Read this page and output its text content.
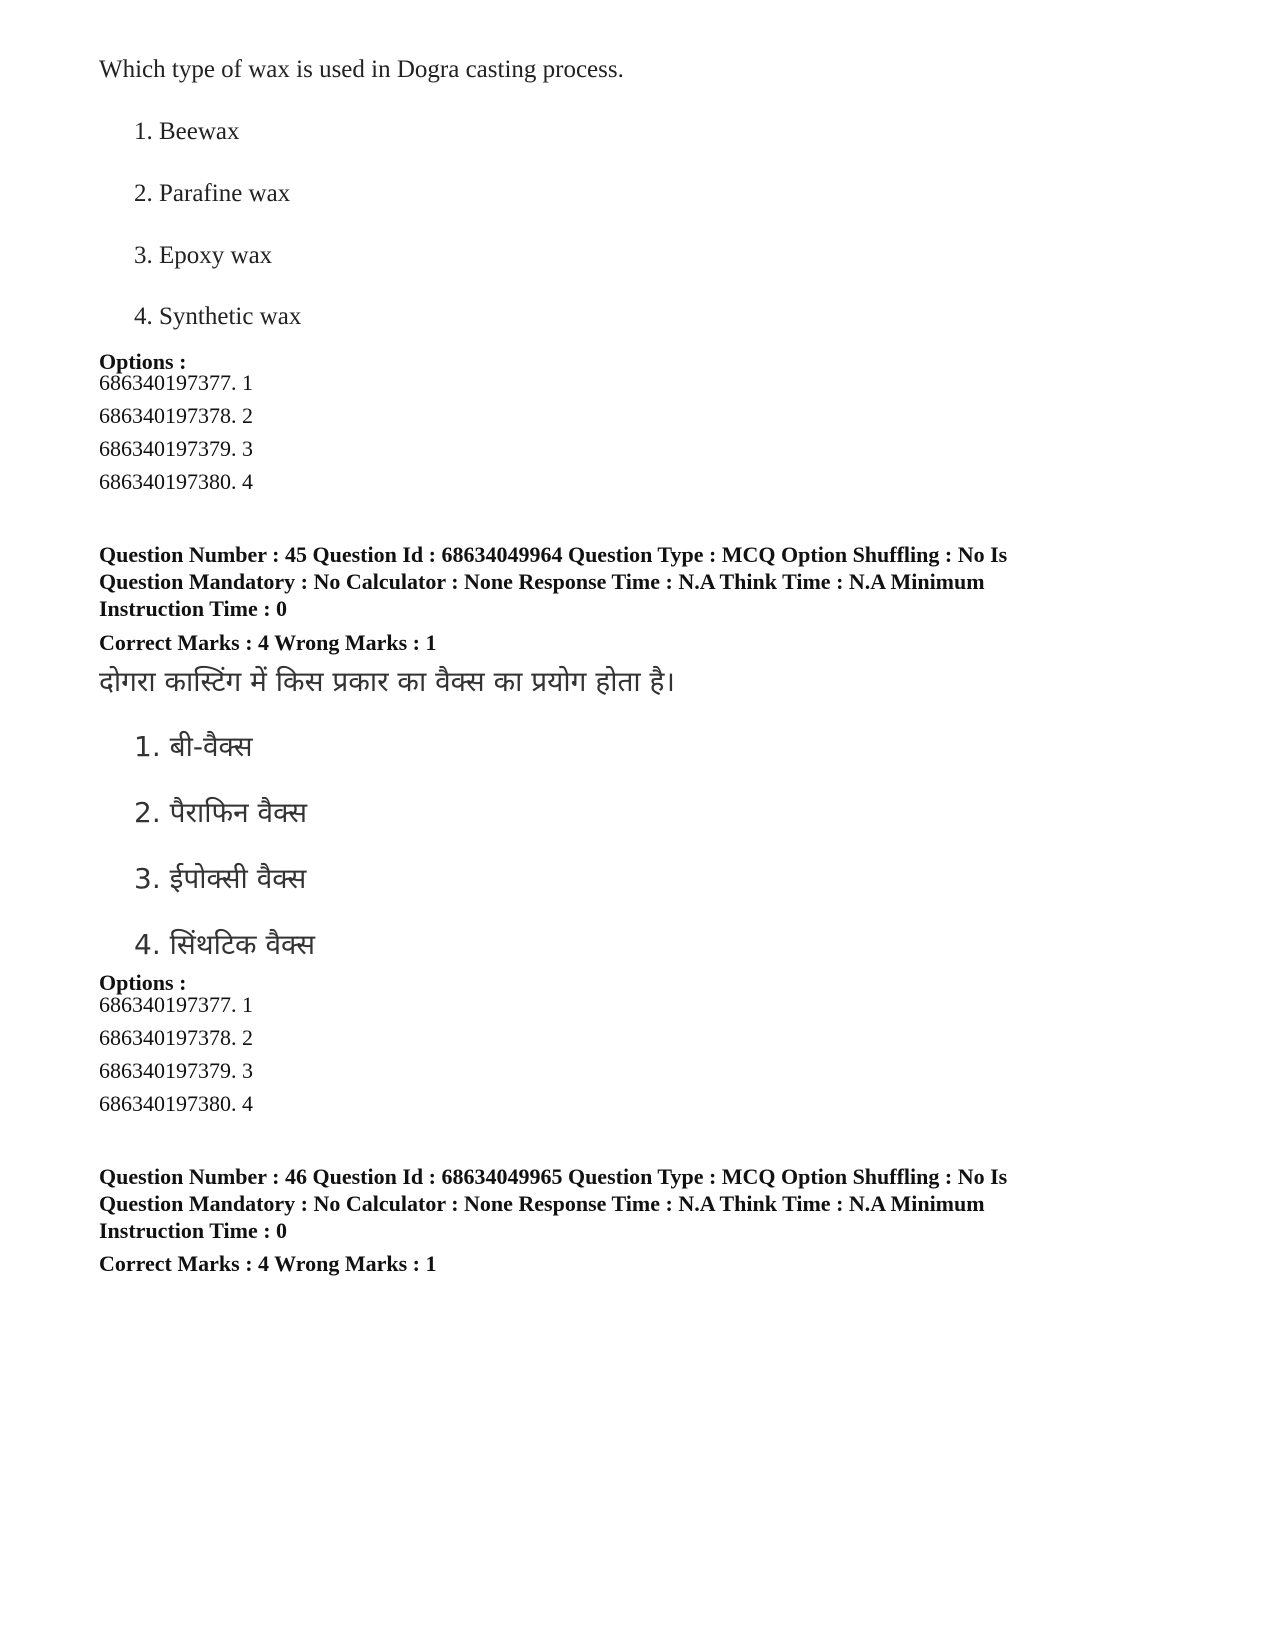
Which type of wax is used in Dogra casting process.
1. Beewax
2. Parafine wax
3. Epoxy wax
4. Synthetic wax
Options :
686340197377. 1
686340197378. 2
686340197379. 3
686340197380. 4
Question Number : 45 Question Id : 68634049964 Question Type : MCQ Option Shuffling : No Is
Question Mandatory : No Calculator : None Response Time : N.A Think Time : N.A Minimum
Instruction Time : 0
Correct Marks : 4 Wrong Marks : 1
दोगरा कास्टिंग में किस प्रकार का वैक्स का प्रयोग होता है।
1. बी-वैक्स
2. पैराफिन वैक्स
3. ईपोक्सी वैक्स
4. सिंथटिक वैक्स
Options :
686340197377. 1
686340197378. 2
686340197379. 3
686340197380. 4
Question Number : 46 Question Id : 68634049965 Question Type : MCQ Option Shuffling : No Is
Question Mandatory : No Calculator : None Response Time : N.A Think Time : N.A Minimum
Instruction Time : 0
Correct Marks : 4 Wrong Marks : 1
